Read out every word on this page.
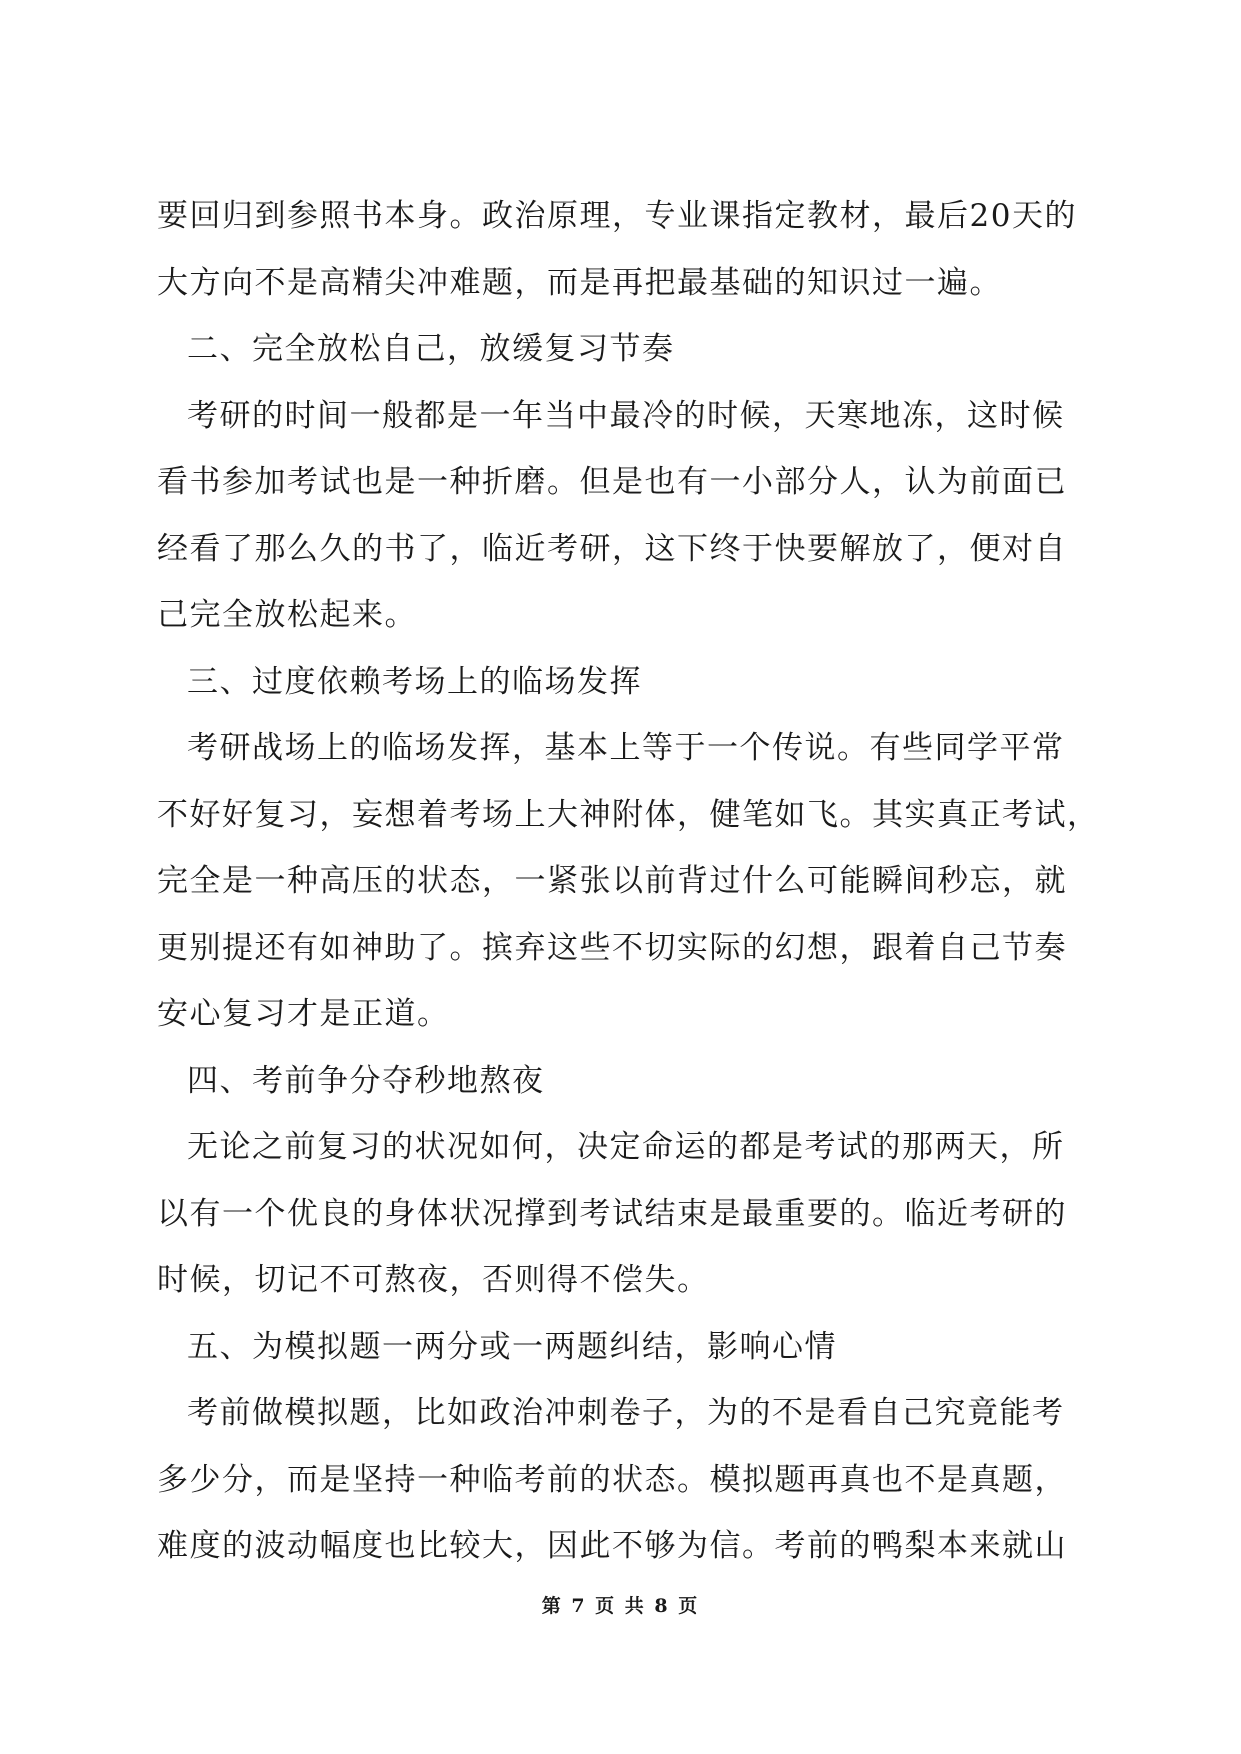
要回归到参照书本身。政治原理，专业课指定教材，最后20天的
大方向不是高精尖冲难题，而是再把最基础的知识过一遍。
二、完全放松自己，放缓复习节奏
考研的时间一般都是一年当中最冷的时候，天寒地冻，这时候
看书参加考试也是一种折磨。但是也有一小部分人，认为前面已
经看了那么久的书了，临近考研，这下终于快要解放了，便对自
己完全放松起来。
三、过度依赖考场上的临场发挥
考研战场上的临场发挥，基本上等于一个传说。有些同学平常
不好好复习，妄想着考场上大神附体，健笔如飞。其实真正考试，
完全是一种高压的状态，一紧张以前背过什么可能瞬间秒忘，就
更别提还有如神助了。摈弃这些不切实际的幻想，跟着自己节奏
安心复习才是正道。
四、考前争分夺秒地熬夜
无论之前复习的状况如何，决定命运的都是考试的那两天，所
以有一个优良的身体状况撑到考试结束是最重要的。临近考研的
时候，切记不可熬夜，否则得不偿失。
五、为模拟题一两分或一两题纠结，影响心情
考前做模拟题，比如政治冲刺卷子，为的不是看自己究竟能考
多少分，而是坚持一种临考前的状态。模拟题再真也不是真题，
难度的波动幅度也比较大，因此不够为信。考前的鸭梨本来就山
第 7 页 共 8 页
